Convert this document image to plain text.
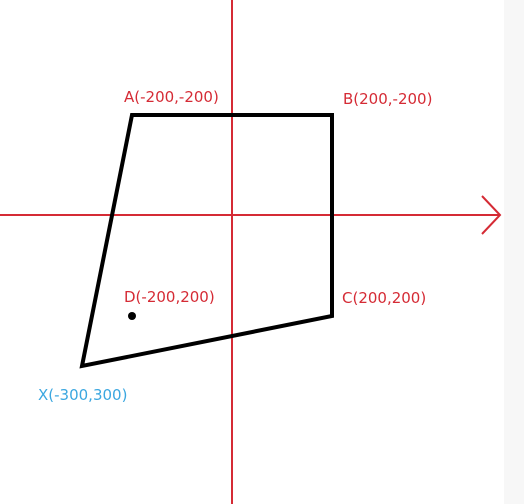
A(-200,-200)	B(200,-200)
C(200,200)
D(-200,200)
X(-300,300)
